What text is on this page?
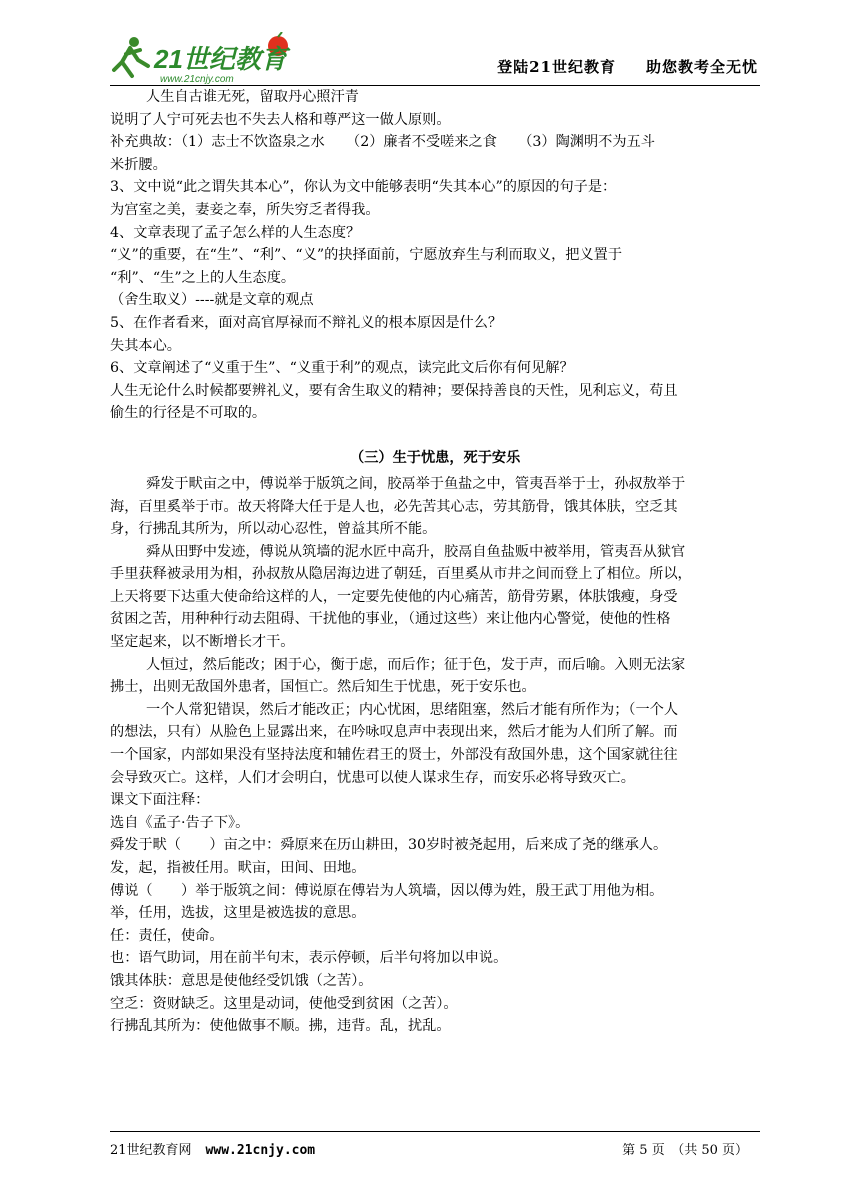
21世纪教育
www.21cnjy.com
登陆21世纪教育 助您教考全无忧
人生自古谁无死，留取丹心照汗青
说明了人宁可死去也不失去人格和尊严这一做人原则。
补充典故：（1）志士不饮盗泉之水　　（2）廉者不受嗟来之食　　（3）陶渊明不为五斗
米折腰。
3、文中说“此之谓失其本心”，你认为文中能够表明“失其本心”的原因的句子是：
为宫室之美，妻妾之奉，所失穷乏者得我。
4、文章表现了孟子怎么样的人生态度？
“义”的重要，在“生”、“利”、“义”的抉择面前，宁愿放弃生与利而取义，把义置于
“利”、“生”之上的人生态度。
（舍生取义）----就是文章的观点
5、在作者看来，面对高官厚禄而不辩礼义的根本原因是什么？
失其本心。
6、文章阐述了“义重于生”、“义重于利”的观点，读完此文后你有何见解？
人生无论什么时候都要辨礼义，要有舍生取义的精神；要保持善良的天性，见利忘义，苟且
偷生的行径是不可取的。
（三）生于忧患，死于安乐
舜发于畎亩之中，傅说举于版筑之间，胶鬲举于鱼盐之中，管夷吾举于士，孙叔敖举于
海，百里奚举于市。故天将降大任于是人也，必先苦其心志，劳其筋骨，饿其体肤，空乏其
身，行拂乱其所为，所以动心忍性，曾益其所不能。
舜从田野中发迹，傅说从筑墙的泥水匠中高升，胶鬲自鱼盐贩中被举用，管夷吾从狱官
手里获释被录用为相，孙叔敖从隐居海边进了朝廷，百里奚从市井之间而登上了相位。所以，
上天将要下达重大使命给这样的人，一定要先使他的内心痛苦，筋骨劳累，体肤饿瘦，身受
贫困之苦，用种种行动去阻碍、干扰他的事业，（通过这些）来让他内心警觉，使他的性格
坚定起来，以不断增长才干。
人恒过，然后能改；困于心，衡于虑，而后作；征于色，发于声，而后喻。入则无法家
拂士，出则无敌国外患者，国恒亡。然后知生于忧患，死于安乐也。
一个人常犯错误，然后才能改正；内心忧困，思绪阻塞，然后才能有所作为；（一个人
的想法，只有）从脸色上显露出来，在吟咏叹息声中表现出来，然后才能为人们所了解。而
一个国家，内部如果没有坚持法度和辅佐君王的贤士，外部没有敌国外患，这个国家就往往
会导致灭亡。这样，人们才会明白，忧患可以使人谋求生存，而安乐必将导致灭亡。
课文下面注释：
选自《孟子·告子下》。
舜发于畎（　　）亩之中：舜原来在历山耕田，30岁时被尧起用，后来成了尧的继承人。
发，起，指被任用。畎亩，田间、田地。
傅说（　　）举于版筑之间：傅说原在傅岩为人筑墙，因以傅为姓，殷王武丁用他为相。
举，任用，选拔，这里是被选拔的意思。
任：责任，使命。
也：语气助词，用在前半句末，表示停顿，后半句将加以申说。
饿其体肤：意思是使他经受饥饿（之苦）。
空乏：资财缺乏。这里是动词，使他受到贫困（之苦）。
行拂乱其所为：使他做事不顺。拂，违背。乱，扰乱。
21世纪教育网 www.21cnjy.com	第 5 页　（共 50 页）
